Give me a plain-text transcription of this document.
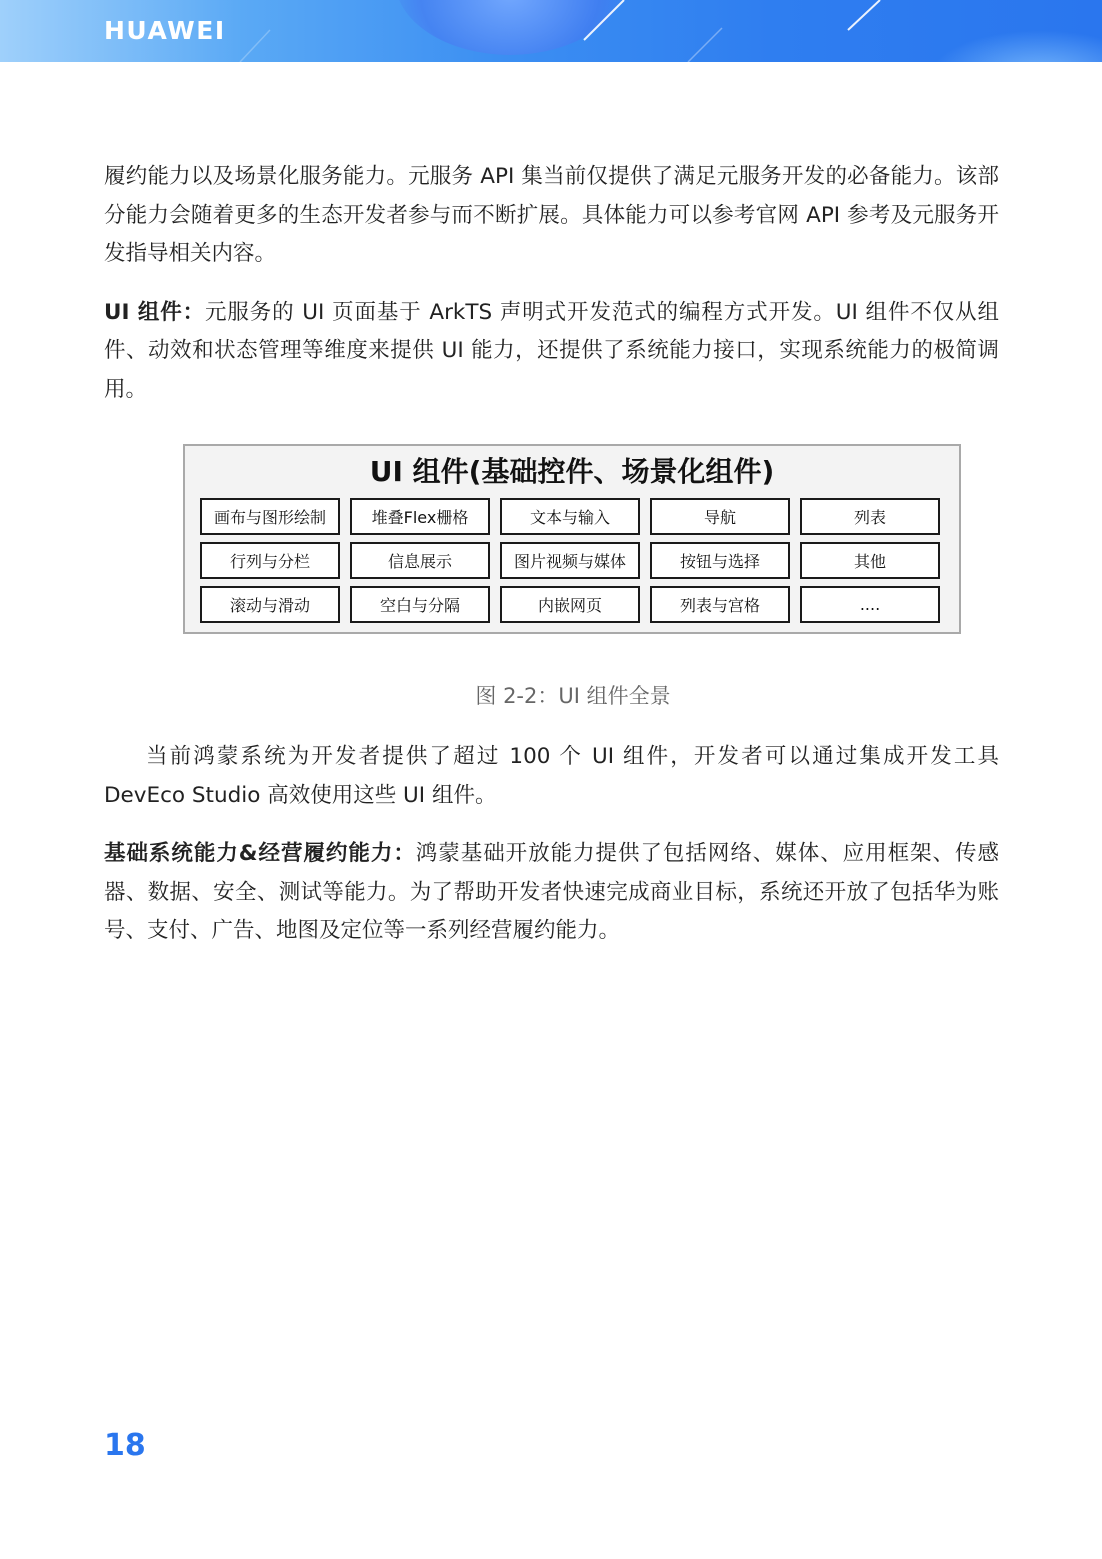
HUAWEI

履约能力以及场景化服务能力。元服务 API 集当前仅提供了满足元服务开发的必备能力。该部分能力会随着更多的生态开发者参与而不断扩展。具体能力可以参考官网 API 参考及元服务开发指导相关内容。

UI 组件：元服务的 UI 页面基于 ArkTS 声明式开发范式的编程方式开发。UI 组件不仅从组件、动效和状态管理等维度来提供 UI 能力，还提供了系统能力接口，实现系统能力的极简调用。

UI 组件(基础控件、场景化组件)
画布与图形绘制	堆叠Flex栅格	文本与输入	导航	列表
行列与分栏	信息展示	图片视频与媒体	按钮与选择	其他
滚动与滑动	空白与分隔	内嵌网页	列表与宫格	....
图 2-2：UI 组件全景

当前鸿蒙系统为开发者提供了超过 100 个 UI 组件，开发者可以通过集成开发工具 DevEco Studio 高效使用这些 UI 组件。

基础系统能力&经营履约能力：鸿蒙基础开放能力提供了包括网络、媒体、应用框架、传感器、数据、安全、测试等能力。为了帮助开发者快速完成商业目标，系统还开放了包括华为账号、支付、广告、地图及定位等一系列经营履约能力。

18
